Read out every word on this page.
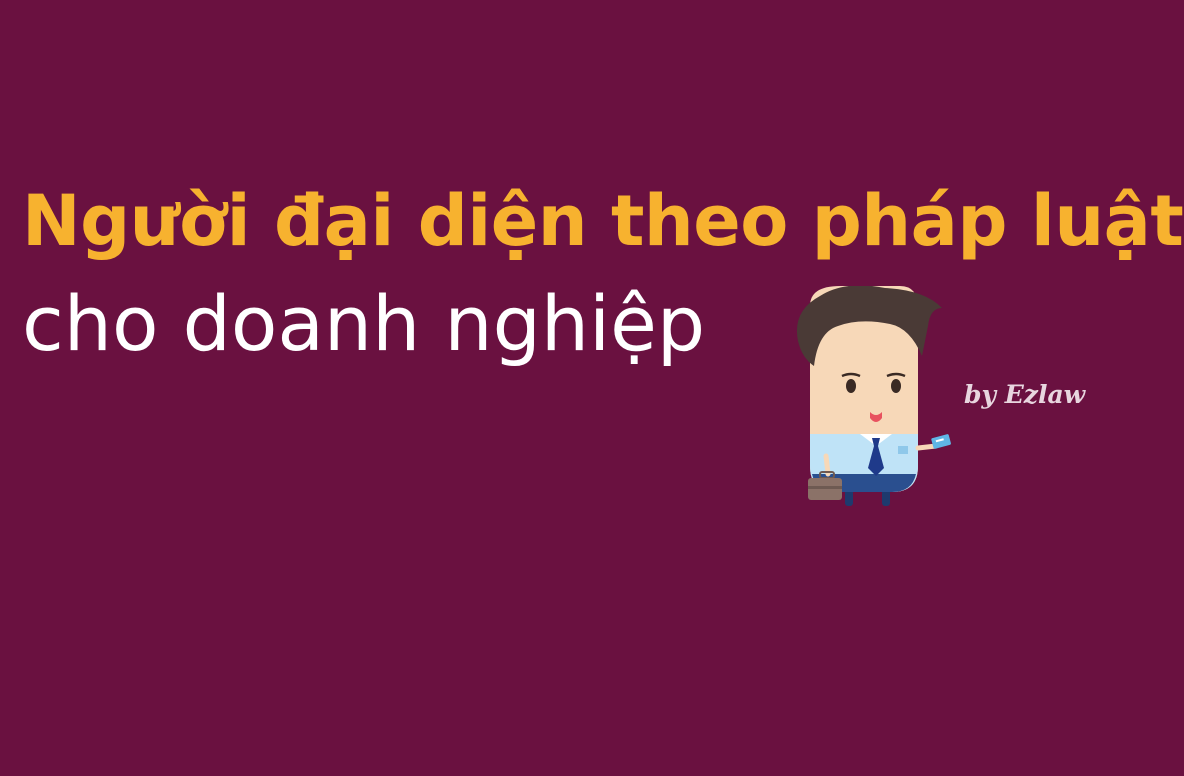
Người đại diện theo pháp luật
cho doanh nghiệp
by Ezlaw
